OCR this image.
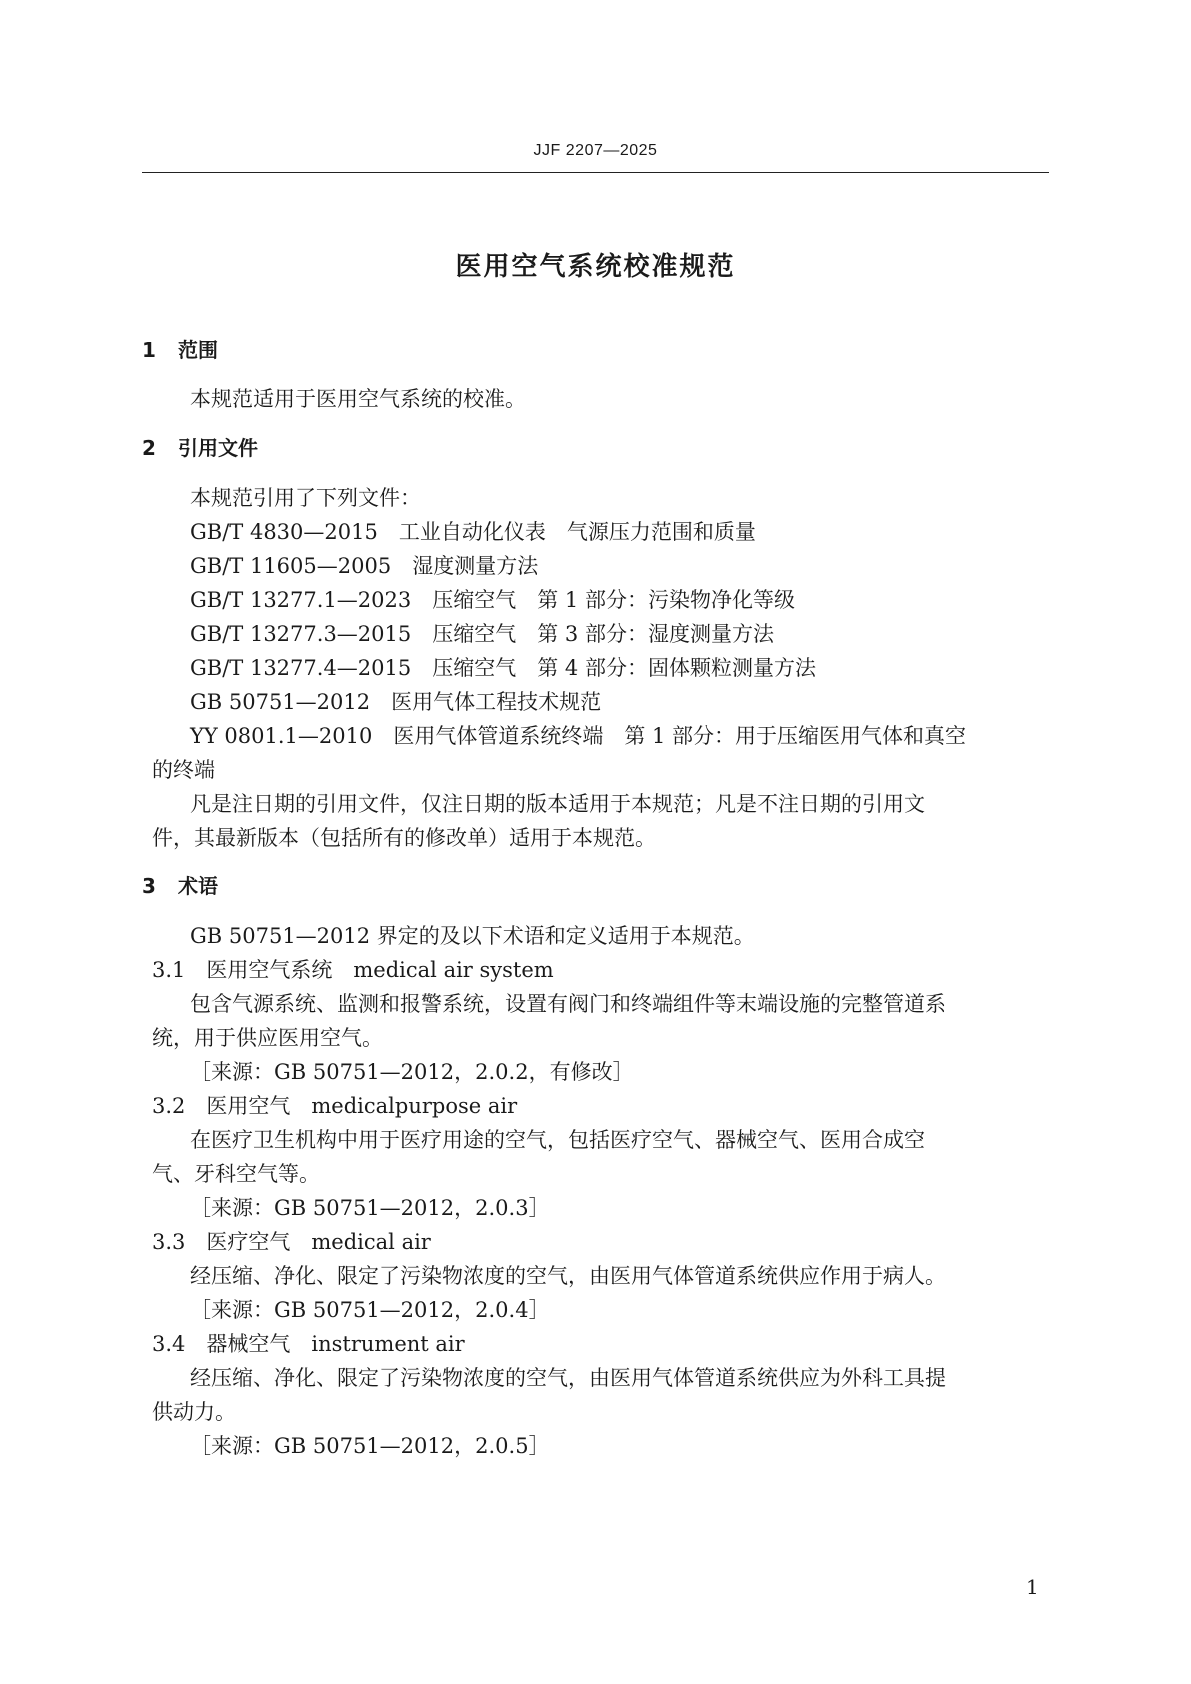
JJF 2207—2025
医用空气系统校准规范
1 范围
本规范适用于医用空气系统的校准。
2 引用文件
本规范引用了下列文件：
GB/T 4830—2015　工业自动化仪表　气源压力范围和质量
GB/T 11605—2005　湿度测量方法
GB/T 13277.1—2023　压缩空气　第 1 部分：污染物净化等级
GB/T 13277.3—2015　压缩空气　第 3 部分：湿度测量方法
GB/T 13277.4—2015　压缩空气　第 4 部分：固体颗粒测量方法
GB 50751—2012　医用气体工程技术规范
YY 0801.1—2010　医用气体管道系统终端　第 1 部分：用于压缩医用气体和真空
的终端
凡是注日期的引用文件，仅注日期的版本适用于本规范；凡是不注日期的引用文
件，其最新版本（包括所有的修改单）适用于本规范。
3 术语
GB 50751—2012 界定的及以下术语和定义适用于本规范。
3.1　医用空气系统　medical air system
包含气源系统、监测和报警系统，设置有阀门和终端组件等末端设施的完整管道系
统，用于供应医用空气。
［来源：GB 50751—2012，2.0.2，有修改］
3.2　医用空气　medicalpurpose air
在医疗卫生机构中用于医疗用途的空气，包括医疗空气、器械空气、医用合成空
气、牙科空气等。
［来源：GB 50751—2012，2.0.3］
3.3　医疗空气　medical air
经压缩、净化、限定了污染物浓度的空气，由医用气体管道系统供应作用于病人。
［来源：GB 50751—2012，2.0.4］
3.4　器械空气　instrument air
经压缩、净化、限定了污染物浓度的空气，由医用气体管道系统供应为外科工具提
供动力。
［来源：GB 50751—2012，2.0.5］
1
